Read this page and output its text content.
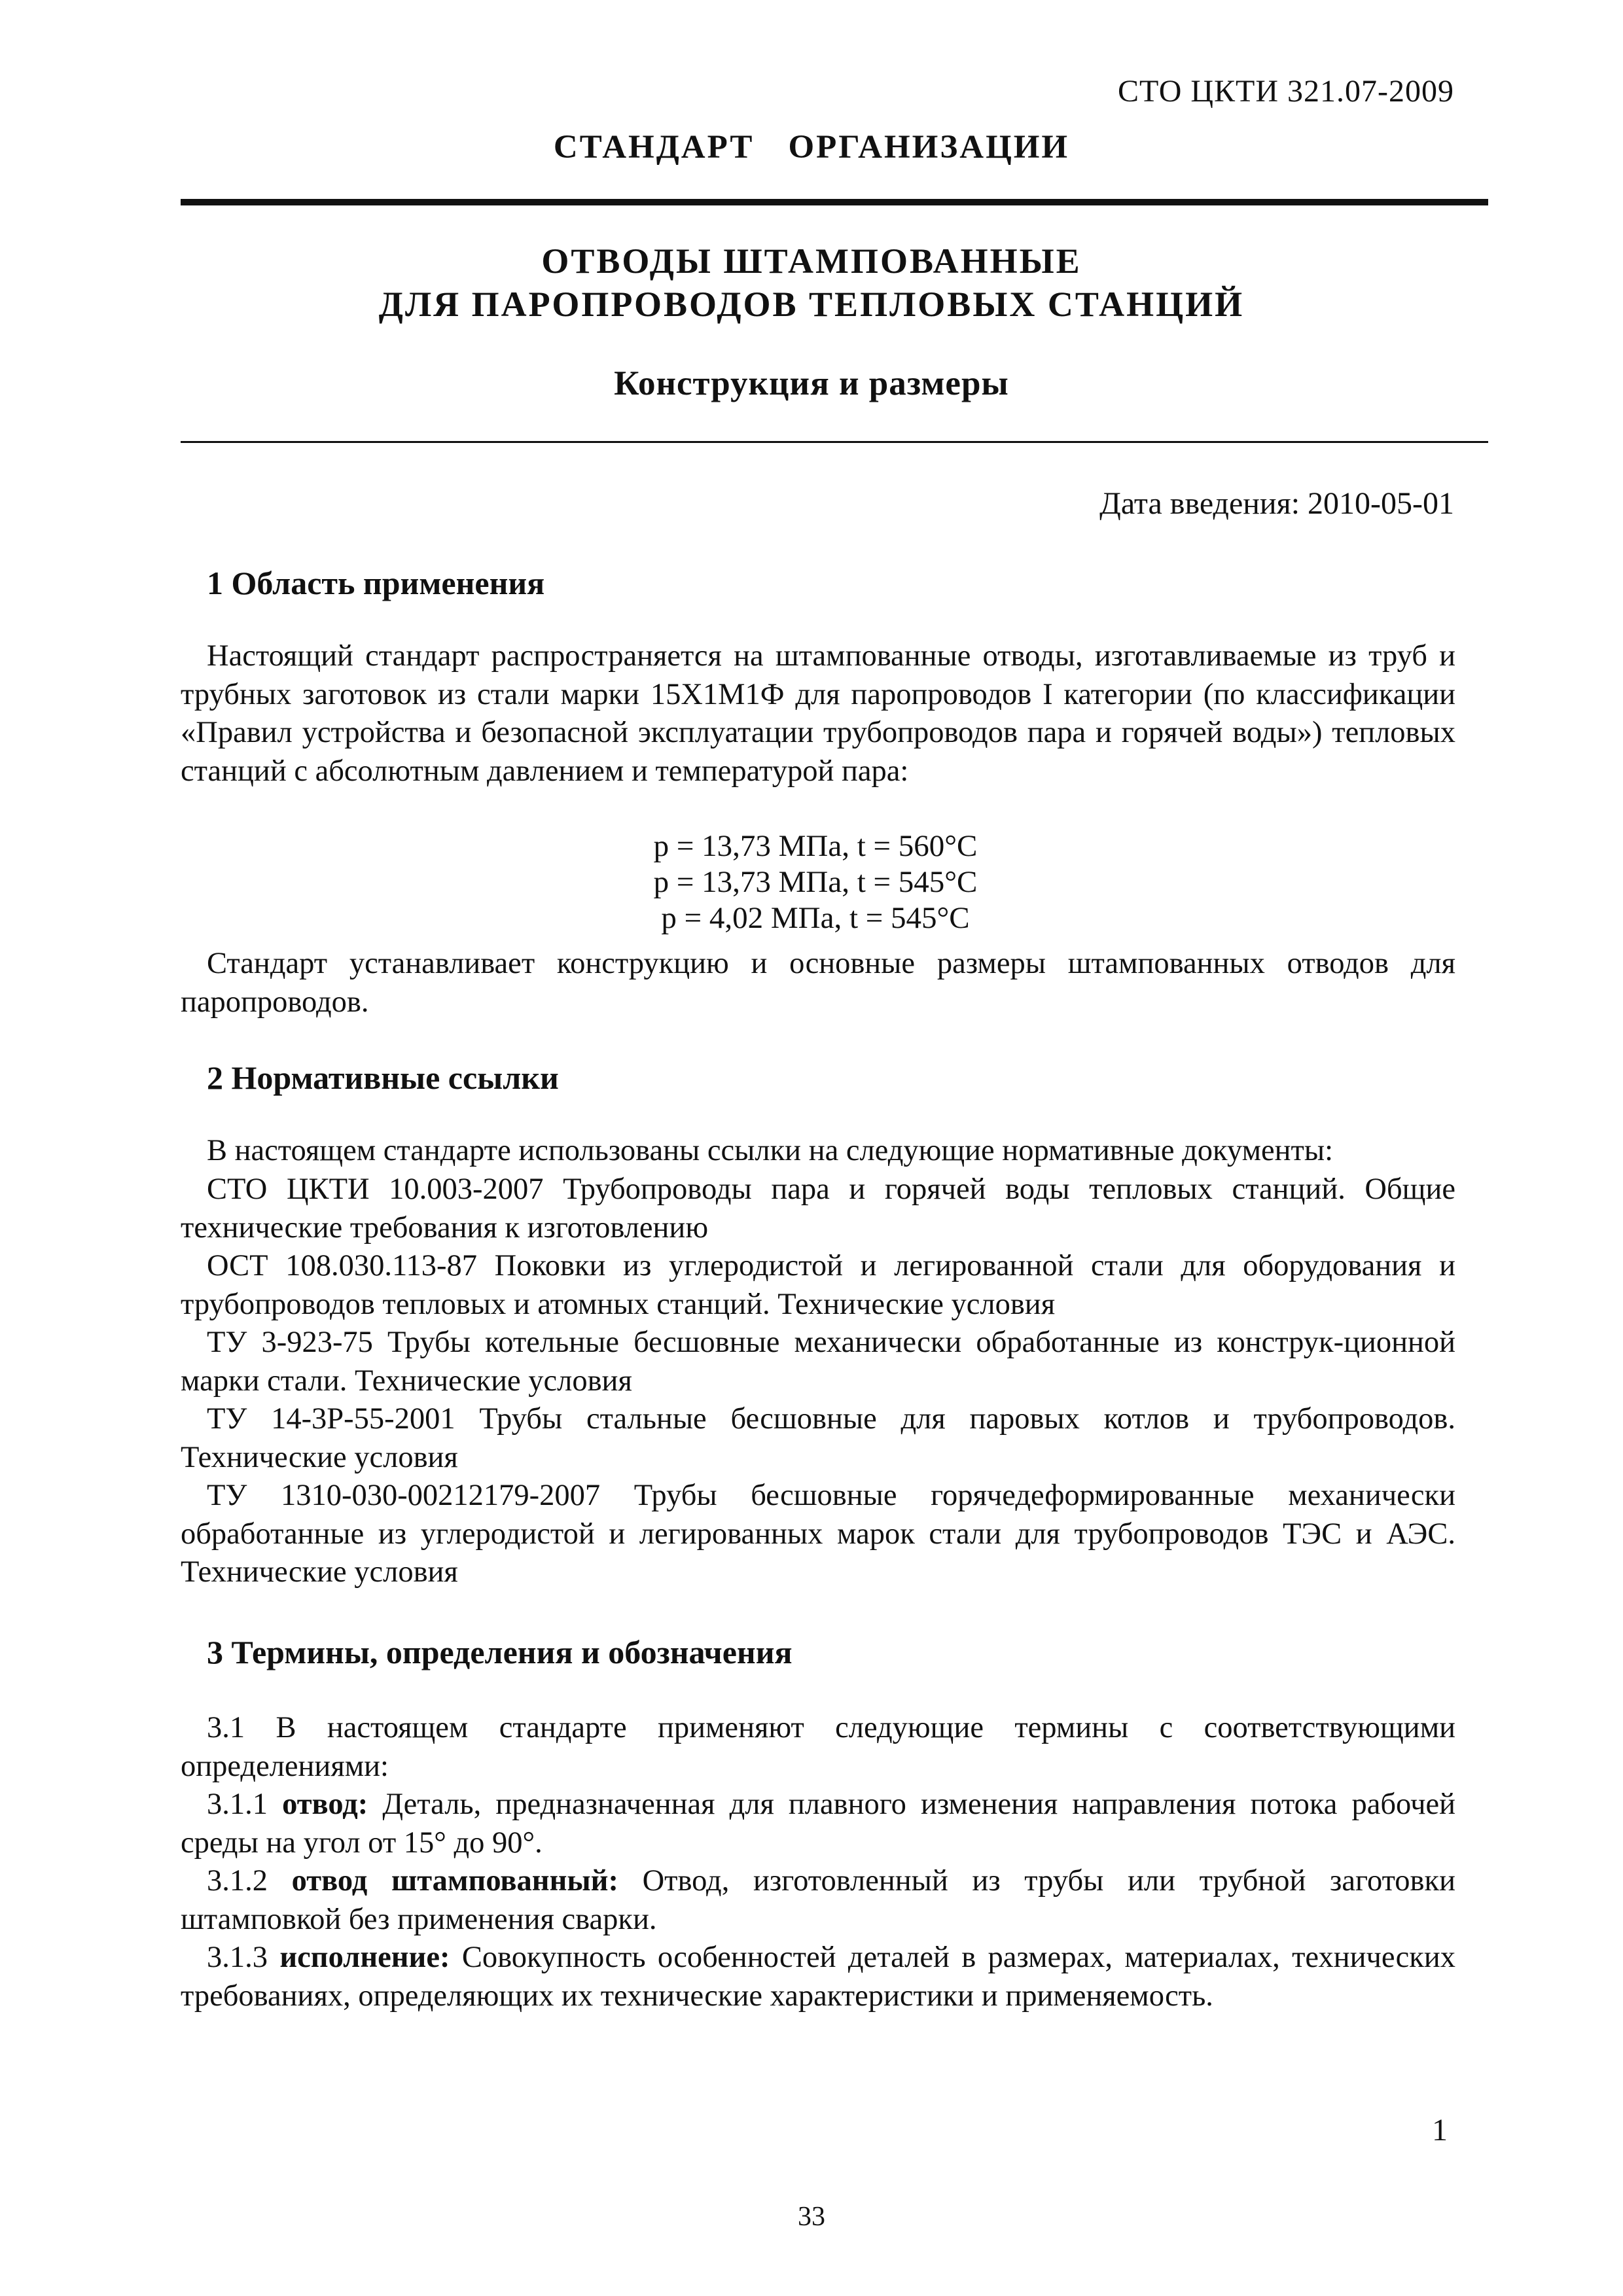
СТО ЦКТИ 321.07-2009
СТАНДАРТ ОРГАНИЗАЦИИ
ОТВОДЫ ШТАМПОВАННЫЕ
ДЛЯ ПАРОПРОВОДОВ ТЕПЛОВЫХ СТАНЦИЙ
Конструкция и размеры
Дата введения: 2010-05-01
1 Область применения

Настоящий стандарт распространяется на штампованные отводы, изготавливаемые из труб и трубных заготовок из стали марки 15Х1М1Ф для паропроводов I категории (по классификации «Правил устройства и безопасной эксплуатации трубопроводов пара и горячей воды») тепловых станций с абсолютным давлением и температурой пара:

p = 13,73 МПа, t = 560°C
p = 13,73 МПа, t = 545°C
p = 4,02 МПа, t = 545°C

Стандарт устанавливает конструкцию и основные размеры штампованных отводов для паропроводов.

2 Нормативные ссылки

В настоящем стандарте использованы ссылки на следующие нормативные документы:

СТО ЦКТИ 10.003-2007 Трубопроводы пара и горячей воды тепловых станций. Общие технические требования к изготовлению

ОСТ 108.030.113-87 Поковки из углеродистой и легированной стали для оборудования и трубопроводов тепловых и атомных станций. Технические условия

ТУ 3-923-75 Трубы котельные бесшовные механически обработанные из конструк-ционной марки стали. Технические условия

ТУ 14-3Р-55-2001 Трубы стальные бесшовные для паровых котлов и трубопроводов. Технические условия

ТУ 1310-030-00212179-2007 Трубы бесшовные горячедеформированные механически обработанные из углеродистой и легированных марок стали для трубопроводов ТЭС и АЭС. Технические условия

3 Термины, определения и обозначения

3.1 В настоящем стандарте применяют следующие термины с соответствующими определениями:

3.1.1 отвод: Деталь, предназначенная для плавного изменения направления потока рабочей среды на угол от 15° до 90°.

3.1.2 отвод штампованный: Отвод, изготовленный из трубы или трубной заготовки штамповкой без применения сварки.

3.1.3 исполнение: Совокупность особенностей деталей в размерах, материалах, технических требованиях, определяющих их технические характеристики и применяемость.

1
33
